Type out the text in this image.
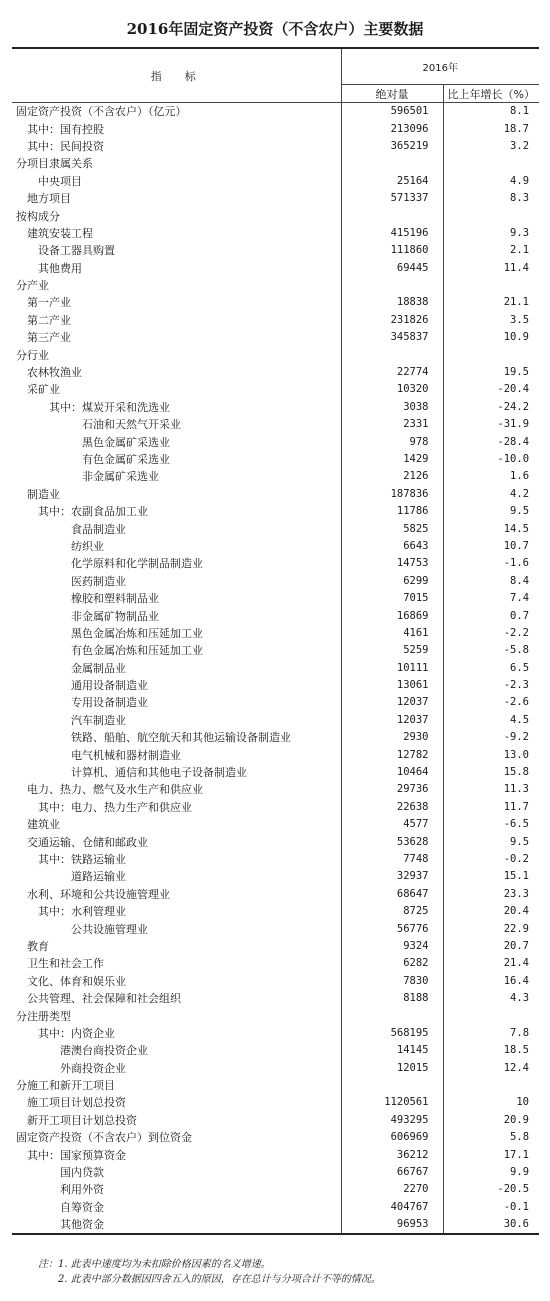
2016年固定资产投资（不含农户）主要数据
指　标	2016年	
	绝对量	比上年增长（%）
固定资产投资（不含农户）（亿元）	596501	8.1
其中：国有控股	213096	18.7
其中：民间投资	365219	3.2
分项目隶属关系		
中央项目	25164	4.9
地方项目	571337	8.3
按构成分		
建筑安装工程	415196	9.3
设备工器具购置	111860	2.1
其他费用	69445	11.4
分产业		
第一产业	18838	21.1
第二产业	231826	3.5
第三产业	345837	10.9
分行业		
农林牧渔业	22774	19.5
采矿业	10320	-20.4
其中：煤炭开采和洗选业	3038	-24.2
石油和天然气开采业	2331	-31.9
黑色金属矿采选业	978	-28.4
有色金属矿采选业	1429	-10.0
非金属矿采选业	2126	1.6
制造业	187836	4.2
其中：农副食品加工业	11786	9.5
食品制造业	5825	14.5
纺织业	6643	10.7
化学原料和化学制品制造业	14753	-1.6
医药制造业	6299	8.4
橡胶和塑料制品业	7015	7.4
非金属矿物制品业	16869	0.7
黑色金属冶炼和压延加工业	4161	-2.2
有色金属冶炼和压延加工业	5259	-5.8
金属制品业	10111	6.5
通用设备制造业	13061	-2.3
专用设备制造业	12037	-2.6
汽车制造业	12037	4.5
铁路、船舶、航空航天和其他运输设备制造业	2930	-9.2
电气机械和器材制造业	12782	13.0
计算机、通信和其他电子设备制造业	10464	15.8
电力、热力、燃气及水生产和供应业	29736	11.3
其中：电力、热力生产和供应业	22638	11.7
建筑业	4577	-6.5
交通运输、仓储和邮政业	53628	9.5
其中：铁路运输业	7748	-0.2
道路运输业	32937	15.1
水利、环境和公共设施管理业	68647	23.3
其中：水利管理业	8725	20.4
公共设施管理业	56776	22.9
教育	9324	20.7
卫生和社会工作	6282	21.4
文化、体育和娱乐业	7830	16.4
公共管理、社会保障和社会组织	8188	4.3
分注册类型		
其中：内资企业	568195	7.8
港澳台商投资企业	14145	18.5
外商投资企业	12015	12.4
分施工和新开工项目		
施工项目计划总投资	1120561	10
新开工项目计划总投资	493295	20.9
固定资产投资（不含农户）到位资金	606969	5.8
其中：国家预算资金	36212	17.1
国内贷款	66767	9.9
利用外资	2270	-20.5
自筹资金	404767	-0.1
其他资金	96953	30.6
注：1. 此表中速度均为未扣除价格因素的名义增速。
　　2. 此表中部分数据因四舍五入的原因，存在总计与分项合计不等的情况。
